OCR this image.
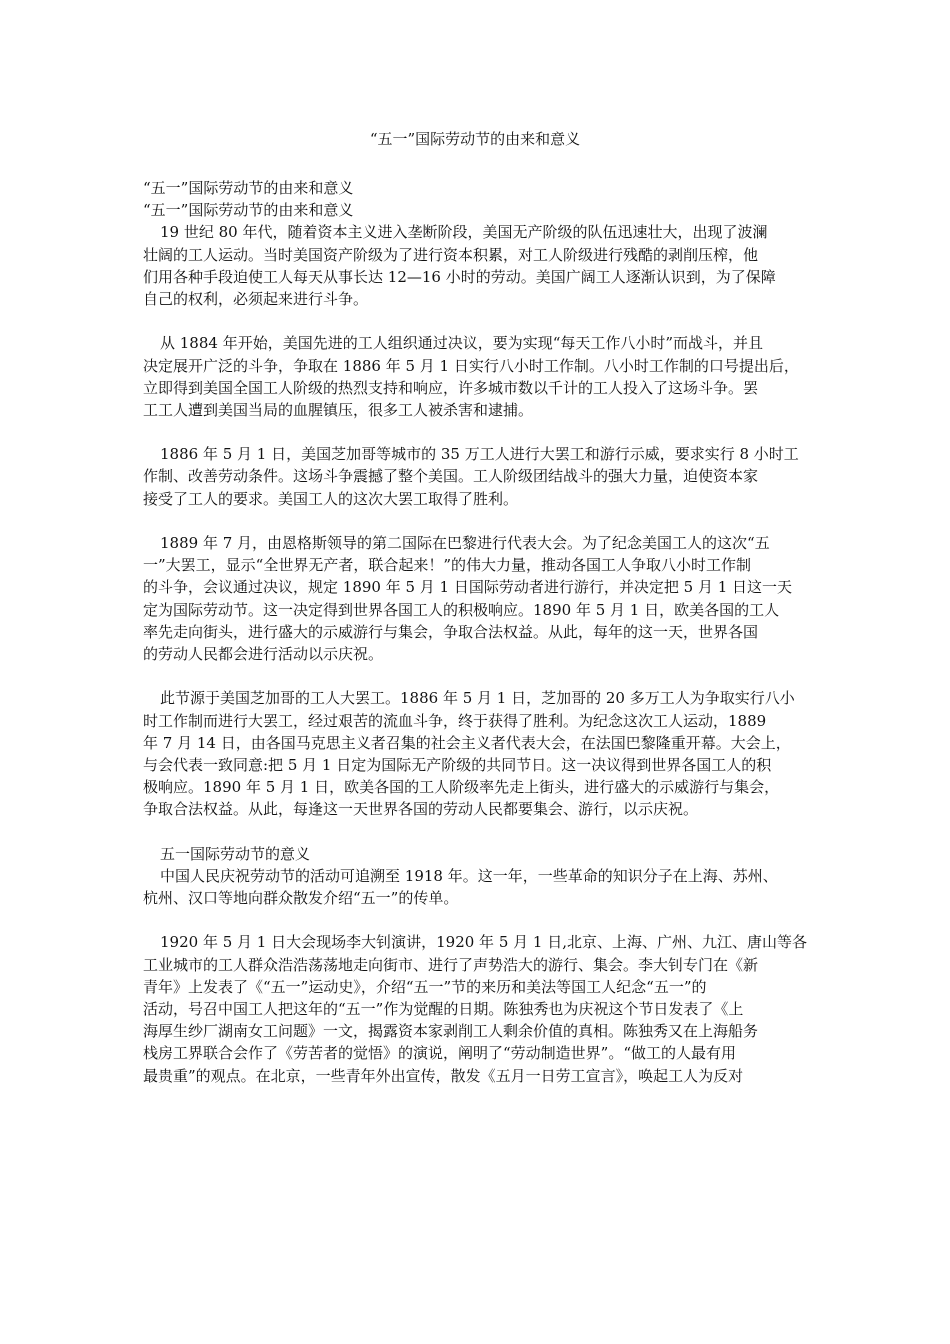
“五一”国际劳动节的由来和意义
“五一”国际劳动节的由来和意义
“五一”国际劳动节的由来和意义
19 世纪 80 年代，随着资本主义进入垄断阶段，美国无产阶级的队伍迅速壮大，出现了波澜
壮阔的工人运动。当时美国资产阶级为了进行资本积累，对工人阶级进行残酷的剥削压榨，他
们用各种手段迫使工人每天从事长达 12—16 小时的劳动。美国广阔工人逐渐认识到，为了保障
自己的权利，必须起来进行斗争。
从 1884 年开始，美国先进的工人组织通过决议，要为实现“每天工作八小时”而战斗，并且
决定展开广泛的斗争，争取在 1886 年 5 月 1 日实行八小时工作制。八小时工作制的口号提出后，
立即得到美国全国工人阶级的热烈支持和响应，许多城市数以千计的工人投入了这场斗争。罢
工工人遭到美国当局的血腥镇压，很多工人被杀害和逮捕。
1886 年 5 月 1 日，美国芝加哥等城市的 35 万工人进行大罢工和游行示威，要求实行 8 小时工
作制、改善劳动条件。这场斗争震撼了整个美国。工人阶级团结战斗的强大力量，迫使资本家
接受了工人的要求。美国工人的这次大罢工取得了胜利。
1889 年 7 月，由恩格斯领导的第二国际在巴黎进行代表大会。为了纪念美国工人的这次“五
一”大罢工，显示“全世界无产者，联合起来！”的伟大力量，推动各国工人争取八小时工作制
的斗争，会议通过决议，规定 1890 年 5 月 1 日国际劳动者进行游行，并决定把 5 月 1 日这一天
定为国际劳动节。这一决定得到世界各国工人的积极响应。1890 年 5 月 1 日，欧美各国的工人
率先走向街头，进行盛大的示威游行与集会，争取合法权益。从此，每年的这一天，世界各国
的劳动人民都会进行活动以示庆祝。
此节源于美国芝加哥的工人大罢工。1886 年 5 月 1 日，芝加哥的 20 多万工人为争取实行八小
时工作制而进行大罢工，经过艰苦的流血斗争，终于获得了胜利。为纪念这次工人运动，1889
年 7 月 14 日，由各国马克思主义者召集的社会主义者代表大会，在法国巴黎隆重开幕。大会上，
与会代表一致同意:把 5 月 1 日定为国际无产阶级的共同节日。这一决议得到世界各国工人的积
极响应。1890 年 5 月 1 日，欧美各国的工人阶级率先走上街头，进行盛大的示威游行与集会，
争取合法权益。从此，每逢这一天世界各国的劳动人民都要集会、游行，以示庆祝。
五一国际劳动节的意义
中国人民庆祝劳动节的活动可追溯至 1918 年。这一年，一些革命的知识分子在上海、苏州、
杭州、汉口等地向群众散发介绍“五一”的传单。
1920 年 5 月 1 日大会现场李大钊演讲，1920 年 5 月 1 日,北京、上海、广州、九江、唐山等各
工业城市的工人群众浩浩荡荡地走向街市、进行了声势浩大的游行、集会。李大钊专门在《新
青年》上发表了《“五一”运动史》，介绍“五一”节的来历和美法等国工人纪念“五一”的
活动，号召中国工人把这年的“五一”作为觉醒的日期。陈独秀也为庆祝这个节日发表了《上
海厚生纱厂湖南女工问题》一文，揭露资本家剥削工人剩余价值的真相。陈独秀又在上海船务
栈房工界联合会作了《劳苦者的觉悟》的演说，阐明了“劳动制造世界”。“做工的人最有用
最贵重”的观点。在北京，一些青年外出宣传，散发《五月一日劳工宣言》，唤起工人为反对
